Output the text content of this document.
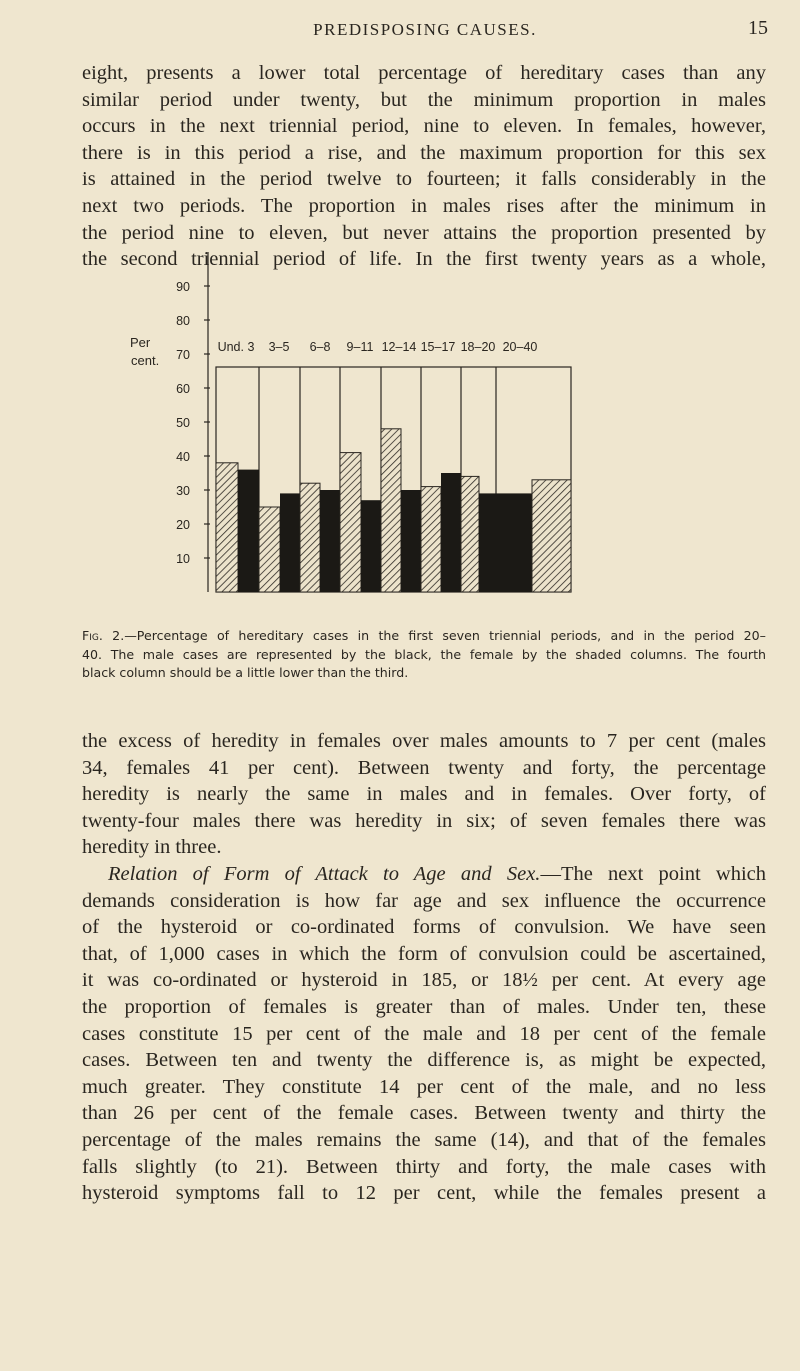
PREDISPOSING CAUSES.	15

eight, presents a lower total percentage of hereditary cases than any
similar period under twenty, but the minimum proportion in males
occurs in the next triennial period, nine to eleven. In females, however,
there is in this period a rise, and the maximum proportion for this sex
is attained in the period twelve to fourteen; it falls considerably in the
next two periods. The proportion in males rises after the minimum in
the period nine to eleven, but never attains the proportion presented by
the second triennial period of life. In the first twenty years as a whole,

Per
cent.
Und. 3 3–5 6–8 9–11 12–14 15–17 18–20 20–40
10
20
30
40
50
60
70
80
90

Fig. 2.—Percentage of hereditary cases in the first seven triennial periods, and in the period 20–
40. The male cases are represented by the black, the female by the shaded columns. The fourth
black column should be a little lower than the third.

the excess of heredity in females over males amounts to 7 per cent (males
34, females 41 per cent). Between twenty and forty, the percentage
heredity is nearly the same in males and in females. Over forty, of
twenty-four males there was heredity in six; of seven females there was
heredity in three.
Relation of Form of Attack to Age and Sex.—The next point which
demands consideration is how far age and sex influence the occurrence
of the hysteroid or co-ordinated forms of convulsion. We have seen
that, of 1,000 cases in which the form of convulsion could be ascertained,
it was co-ordinated or hysteroid in 185, or 18½ per cent. At every age
the proportion of females is greater than of males. Under ten, these
cases constitute 15 per cent of the male and 18 per cent of the female
cases. Between ten and twenty the difference is, as might be expected,
much greater. They constitute 14 per cent of the male, and no less
than 26 per cent of the female cases. Between twenty and thirty the
percentage of the males remains the same (14), and that of the females
falls slightly (to 21). Between thirty and forty, the male cases with
hysteroid symptoms fall to 12 per cent, while the females present a
